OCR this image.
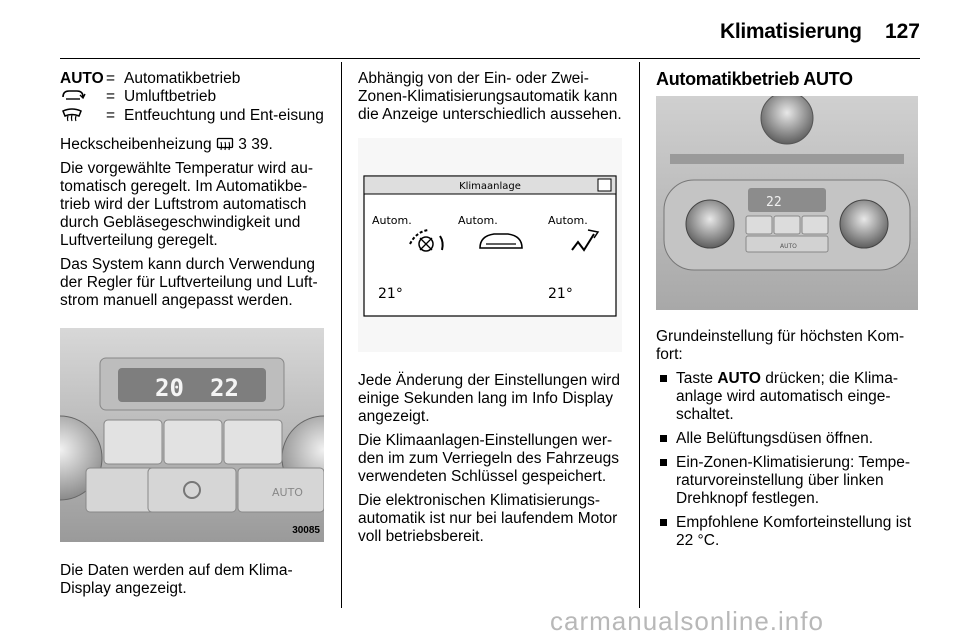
Klimatisierung 127
AUTO	=	Automatikbetrieb
	=	Umluftbetrieb
	=	Entfeuchtung und Ent-eisung

Heckscheibenheizung 3 39.

Die vorgewählte Temperatur wird automatisch geregelt. Im Automatikbetrieb wird der Luftstrom automatisch durch Gebläsegeschwindigkeit und Luftverteilung geregelt.

Das System kann durch Verwendung der Regler für Luftverteilung und Luftstrom manuell angepasst werden.

20 22
AUTO
30085

Die Daten werden auf dem Klima-Display angezeigt.

Abhängig von der Ein- oder Zwei-Zonen-Klimatisierungsautomatik kann die Anzeige unterschiedlich aussehen.

Klimaanlage
Autom.	Autom.	Autom.
21°	21°

Jede Änderung der Einstellungen wird einige Sekunden lang im Info Display angezeigt.

Die Klimaanlagen-Einstellungen werden im zum Verriegeln des Fahrzeugs verwendeten Schlüssel gespeichert.

Die elektronischen Klimatisierungsautomatik ist nur bei laufendem Motor voll betriebsbereit.

Automatikbetrieb AUTO
22
AUTO

Grundeinstellung für höchsten Komfort:

Taste AUTO drücken; die Klimaanlage wird automatisch eingeschaltet.
Alle Belüftungsdüsen öffnen.
Ein-Zonen-Klimatisierung: Temperaturvoreinstellung über linken Drehknopf festlegen.
Empfohlene Komforteinstellung ist 22 °C.
carmanualsonline.info
